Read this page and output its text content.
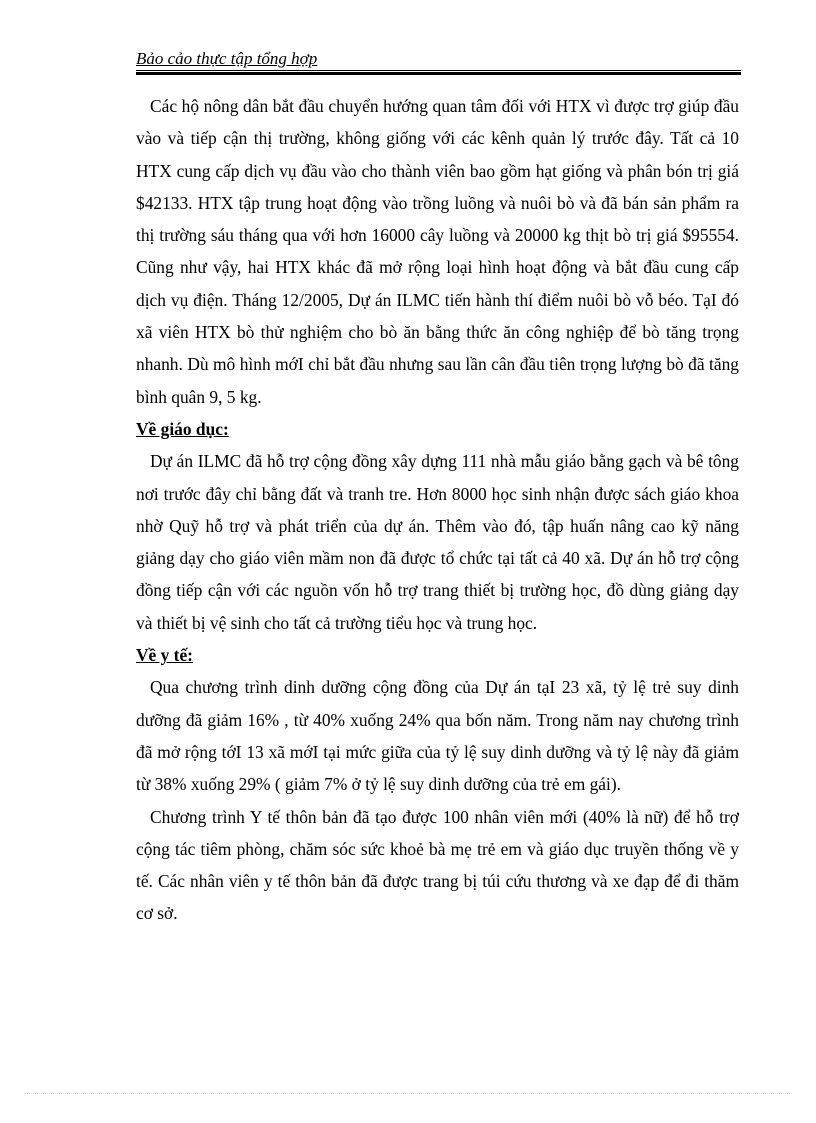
Bảo cảo thực tập tổng hợp

Các hộ nông dân bắt đầu chuyển hướng quan tâm đối với HTX vì được trợ giúp đầu vào và tiếp cận thị trường, không giống với các kênh quản lý trước đây. Tất cả 10 HTX cung cấp dịch vụ đầu vào cho thành viên bao gồm hạt giống và phân bón trị giá $42133. HTX tập trung hoạt động vào trồng luồng và nuôi bò và đã bán sản phẩm ra thị trường sáu tháng qua với hơn 16000 cây luồng và 20000 kg thịt bò trị giá $95554. Cũng như vậy, hai HTX khác đã mở rộng loại hình hoạt động và bắt đầu cung cấp dịch vụ điện. Tháng 12/2005, Dự án ILMC tiến hành thí điểm nuôi bò vỗ béo. TạI đó xã viên HTX bò thử nghiệm cho bò ăn bằng thức ăn công nghiệp để bò tăng trọng nhanh. Dù mô hình mớI chỉ bắt đầu nhưng sau lần cân đầu tiên trọng lượng bò đã tăng bình quân 9, 5 kg.

Về giáo dục:

Dự án ILMC đã hỗ trợ cộng đồng xây dựng 111 nhà mẫu giáo bằng gạch và bê tông nơi trước đây chỉ bằng đất và tranh tre. Hơn 8000 học sinh nhận được sách giáo khoa nhờ Quỹ hỗ trợ và phát triển của dự án. Thêm vào đó, tập huấn nâng cao kỹ năng giảng dạy cho giáo viên mầm non đã được tổ chức tại tất cả 40 xã. Dự án hỗ trợ cộng đồng tiếp cận với các nguồn vốn hỗ trợ trang thiết bị trường học, đồ dùng giảng dạy và thiết bị vệ sinh cho tất cả trường tiểu học và trung học.

Về y tế:

Qua chương trình dinh dưỡng cộng đồng của Dự án tạI 23 xã, tỷ lệ trẻ suy dinh dưỡng đã giảm 16% , từ 40% xuống 24% qua bốn năm. Trong năm nay chương trình đã mở rộng tớI 13 xã mớI tại mức giữa của tỷ lệ suy dinh dưỡng và tỷ lệ này đã giảm từ 38% xuống 29% ( giảm 7% ở tỷ lệ suy dinh dưỡng của trẻ em gái).

Chương trình Y tế thôn bản đã tạo được 100 nhân viên mới (40% là nữ) để hỗ trợ cộng tác tiêm phòng, chăm sóc sức khoẻ bà mẹ trẻ em và giáo dục truyền thống về y tế. Các nhân viên y tế thôn bản đã được trang bị túi cứu thương và xe đạp để đi thăm cơ sở.
